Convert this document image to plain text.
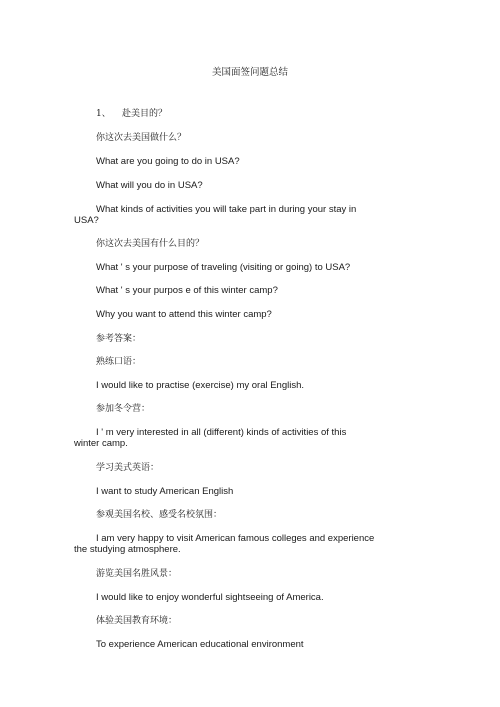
美国面签问题总结
1、 赴美目的？
你这次去美国做什么？
What are you going to do in USA?
What will you do in USA?
What kinds of activities you will take part in during your stay in
USA?
你这次去美国有什么目的？
What ' s your purpose of traveling (visiting or going) to USA?
What ' s your purpos e of this winter camp?
Why you want to attend this winter camp?
参考答案：
熟练口语：
I would like to practise (exercise) my oral English.
参加冬令营：
I ' m very interested in all (different) kinds of activities of this
winter camp.
学习美式英语：
I want to study American English
参观美国名校、感受名校氛围：
I am very happy to visit American famous colleges and experience
the studying atmosphere.
游览美国名胜风景：
I would like to enjoy wonderful sightseeing of America.
体验美国教育环境：
To experience American educational environment
